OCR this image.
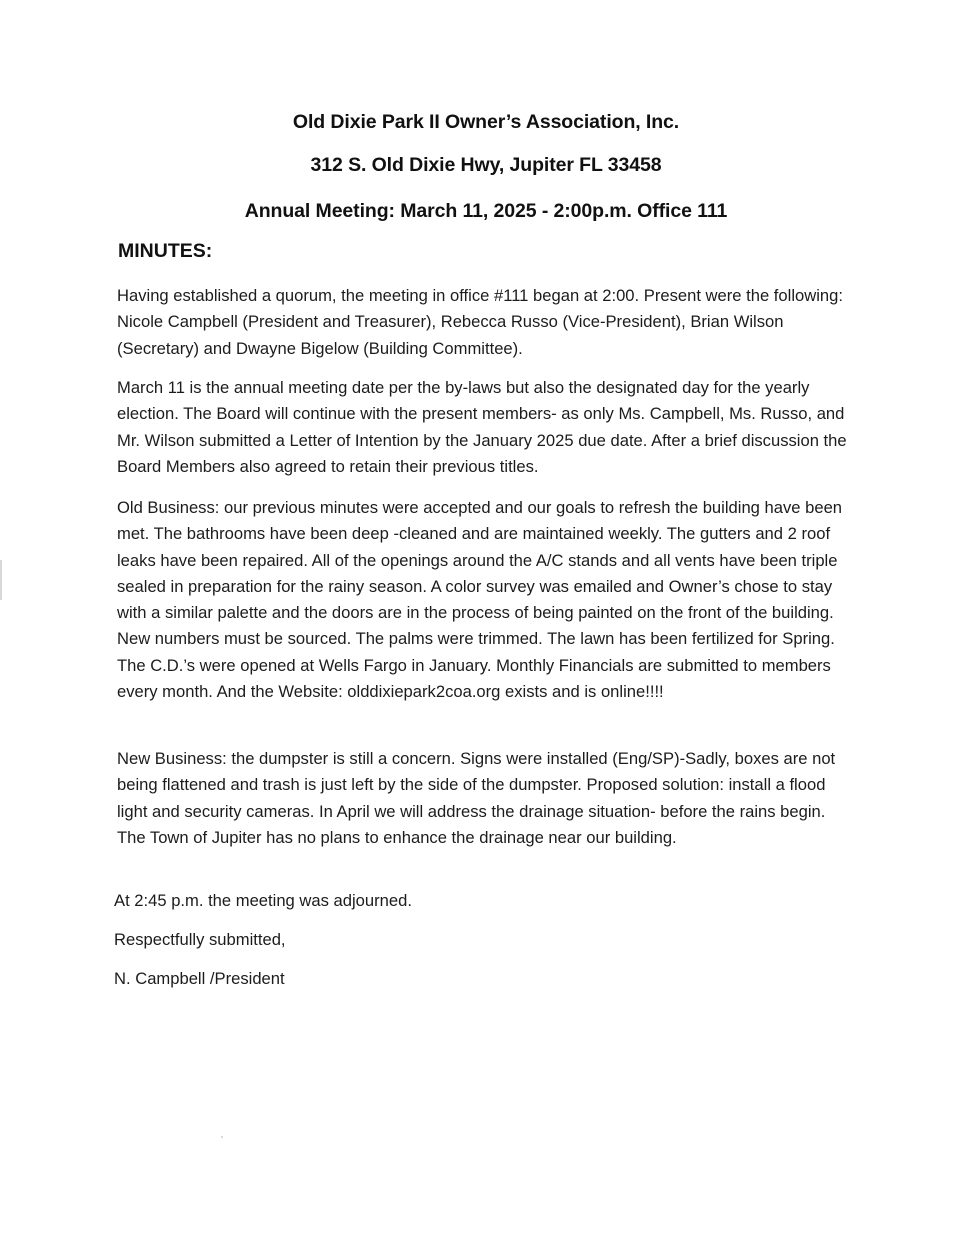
Old Dixie Park II Owner’s Association, Inc.
312 S. Old Dixie Hwy, Jupiter FL 33458
Annual Meeting: March 11, 2025 - 2:00p.m. Office 111
MINUTES:
Having established a quorum, the meeting in office #111 began at 2:00. Present were the following: Nicole Campbell (President and Treasurer), Rebecca Russo (Vice-President), Brian Wilson (Secretary) and Dwayne Bigelow (Building Committee).
March 11 is the annual meeting date per the by-laws but also the designated day for the yearly election. The Board will continue with the present members- as only Ms. Campbell, Ms. Russo, and Mr. Wilson submitted a Letter of Intention by the January 2025 due date. After a brief discussion the Board Members also agreed to retain their previous titles.
Old Business: our previous minutes were accepted and our goals to refresh the building have been met. The bathrooms have been deep -cleaned and are maintained weekly. The gutters and 2 roof leaks have been repaired. All of the openings around the A/C stands and all vents have been triple sealed in preparation for the rainy season. A color survey was emailed and Owner’s chose to stay with a similar palette and the doors are in the process of being painted on the front of the building. New numbers must be sourced. The palms were trimmed. The lawn has been fertilized for Spring. The C.D.’s were opened at Wells Fargo in January. Monthly Financials are submitted to members every month. And the Website: olddixiepark2coa.org exists and is online!!!!
New Business: the dumpster is still a concern. Signs were installed (Eng/SP)-Sadly, boxes are not being flattened and trash is just left by the side of the dumpster. Proposed solution: install a flood light and security cameras. In April we will address the drainage situation- before the rains begin. The Town of Jupiter has no plans to enhance the drainage near our building.
At 2:45 p.m. the meeting was adjourned.
Respectfully submitted,
N. Campbell /President
